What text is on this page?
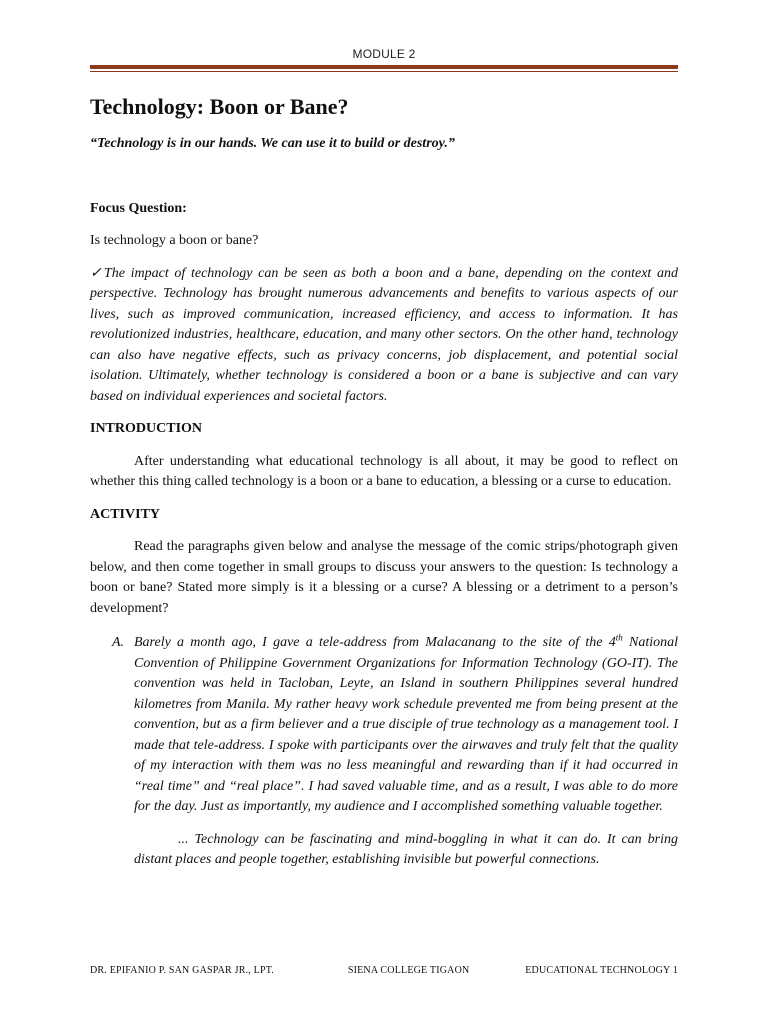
MODULE 2
Technology: Boon or Bane?
“Technology is in our hands. We can use it to build or destroy.”
Focus Question:
Is technology a boon or bane?
✓The impact of technology can be seen as both a boon and a bane, depending on the context and perspective. Technology has brought numerous advancements and benefits to various aspects of our lives, such as improved communication, increased efficiency, and access to information. It has revolutionized industries, healthcare, education, and many other sectors. On the other hand, technology can also have negative effects, such as privacy concerns, job displacement, and potential social isolation. Ultimately, whether technology is considered a boon or a bane is subjective and can vary based on individual experiences and societal factors.
INTRODUCTION
After understanding what educational technology is all about, it may be good to reflect on whether this thing called technology is a boon or a bane to education, a blessing or a curse to education.
ACTIVITY
Read the paragraphs given below and analyse the message of the comic strips/photograph given below, and then come together in small groups to discuss your answers to the question: Is technology a boon or bane? Stated more simply is it a blessing or a curse? A blessing or a detriment to a person’s development?
A. Barely a month ago, I gave a tele-address from Malacanang to the site of the 4th National Convention of Philippine Government Organizations for Information Technology (GO-IT). The convention was held in Tacloban, Leyte, an Island in southern Philippines several hundred kilometres from Manila. My rather heavy work schedule prevented me from being present at the convention, but as a firm believer and a true disciple of true technology as a management tool. I made that tele-address. I spoke with participants over the airwaves and truly felt that the quality of my interaction with them was no less meaningful and rewarding than if it had occurred in “real time” and “real place”. I had saved valuable time, and as a result, I was able to do more for the day. Just as importantly, my audience and I accomplished something valuable together.
... Technology can be fascinating and mind-boggling in what it can do. It can bring distant places and people together, establishing invisible but powerful connections.
DR. EPIFANIO P. SAN GASPAR JR., LPT.	SIENA COLLEGE TIGAON	EDUCATIONAL TECHNOLOGY 1
